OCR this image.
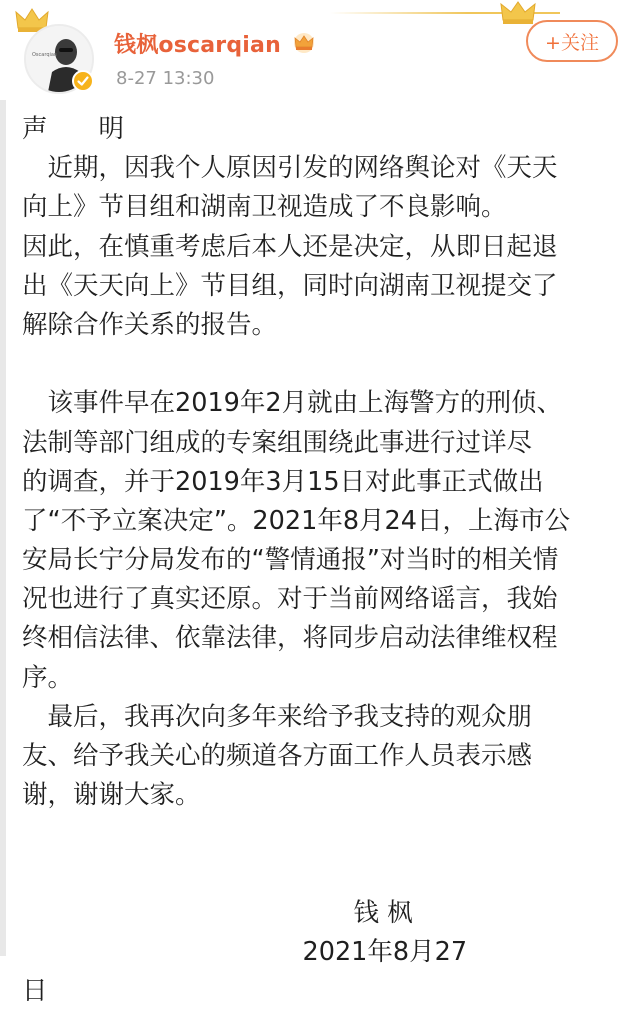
Oscarqian	钱枫oscarqian
8-27 13:30
+关注
声　　明
　近期，因我个人原因引发的网络舆论对《天天
向上》节目组和湖南卫视造成了不良影响。
因此，在慎重考虑后本人还是决定，从即日起退
出《天天向上》节目组，同时向湖南卫视提交了
解除合作关系的报告。
　该事件早在2019年2月就由上海警方的刑侦、
法制等部门组成的专案组围绕此事进行过详尽
的调查，并于2019年3月15日对此事正式做出
了“不予立案决定”。2021年8月24日，上海市公
安局长宁分局发布的“警情通报”对当时的相关情
况也进行了真实还原。对于当前网络谣言，我始
终相信法律、依靠法律，将同步启动法律维权程
序。
　最后，我再次向多年来给予我支持的观众朋
友、给予我关心的频道各方面工作人员表示感
谢，谢谢大家。
　　　　　　　　　　　　　钱 枫
　　　　　　　　　　　2021年8月27
日
